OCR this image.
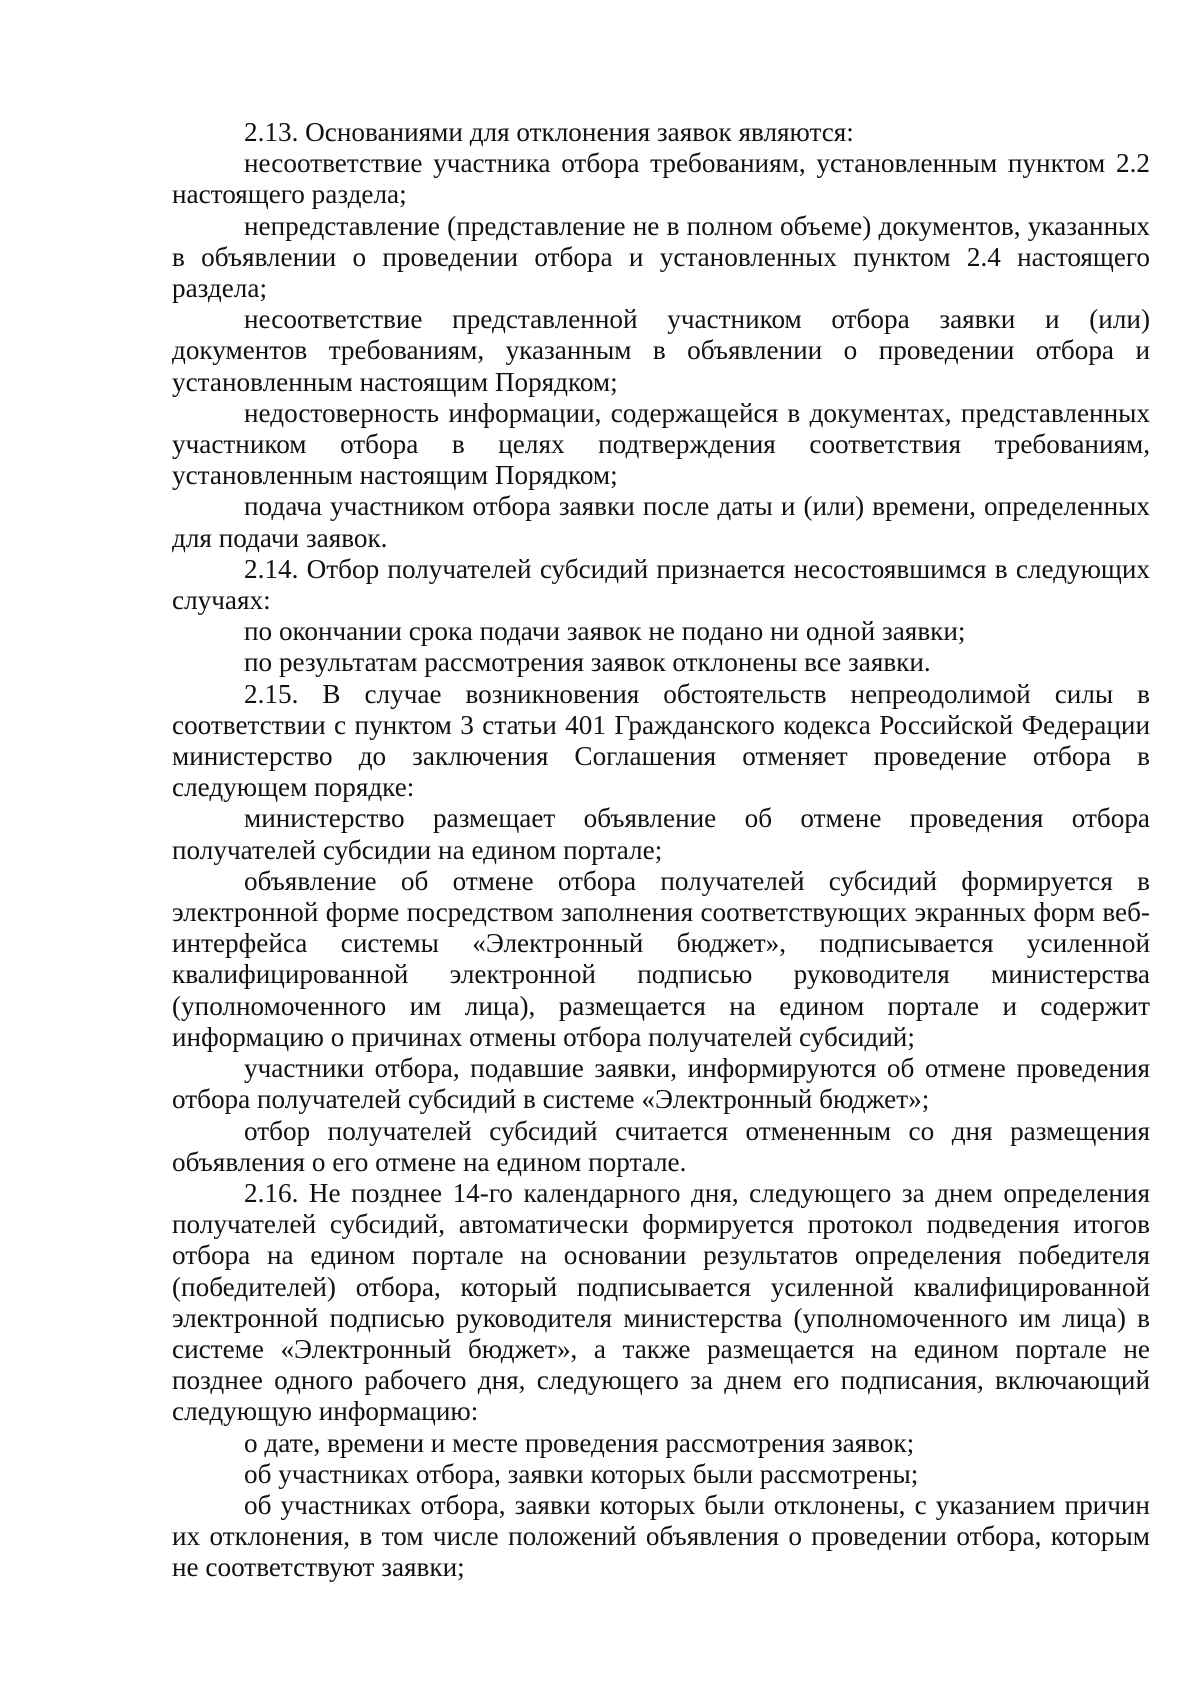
2.13. Основаниями для отклонения заявок являются:

несоответствие участника отбора требованиям, установленным пунктом 2.2 настоящего раздела;

непредставление (представление не в полном объеме) документов, указанных в объявлении о проведении отбора и установленных пунктом 2.4 настоящего раздела;

несоответствие представленной участником отбора заявки и (или) документов требованиям, указанным в объявлении о проведении отбора и установленным настоящим Порядком;

недостоверность информации, содержащейся в документах, представленных участником отбора в целях подтверждения соответствия требованиям, установленным настоящим Порядком;

подача участником отбора заявки после даты и (или) времени, определенных для подачи заявок.

2.14. Отбор получателей субсидий признается несостоявшимся в следующих случаях:

по окончании срока подачи заявок не подано ни одной заявки;

по результатам рассмотрения заявок отклонены все заявки.

2.15. В случае возникновения обстоятельств непреодолимой силы в соответствии с пунктом 3 статьи 401 Гражданского кодекса Российской Федерации министерство до заключения Соглашения отменяет проведение отбора в следующем порядке:

министерство размещает объявление об отмене проведения отбора получателей субсидии на едином портале;

объявление об отмене отбора получателей субсидий формируется в электронной форме посредством заполнения соответствующих экранных форм веб-интерфейса системы «Электронный бюджет», подписывается усиленной квалифицированной электронной подписью руководителя министерства (уполномоченного им лица), размещается на едином портале и содержит информацию о причинах отмены отбора получателей субсидий;

участники отбора, подавшие заявки, информируются об отмене проведения отбора получателей субсидий в системе «Электронный бюджет»;

отбор получателей субсидий считается отмененным со дня размещения объявления о его отмене на едином портале.

2.16. Не позднее 14-го календарного дня, следующего за днем определения получателей субсидий, автоматически формируется протокол подведения итогов отбора на едином портале на основании результатов определения победителя (победителей) отбора, который подписывается усиленной квалифицированной электронной подписью руководителя министерства (уполномоченного им лица) в системе «Электронный бюджет», а также размещается на едином портале не позднее одного рабочего дня, следующего за днем его подписания, включающий следующую информацию:

о дате, времени и месте проведения рассмотрения заявок;

об участниках отбора, заявки которых были рассмотрены;

об участниках отбора, заявки которых были отклонены, с указанием причин их отклонения, в том числе положений объявления о проведении отбора, которым не соответствуют заявки;
